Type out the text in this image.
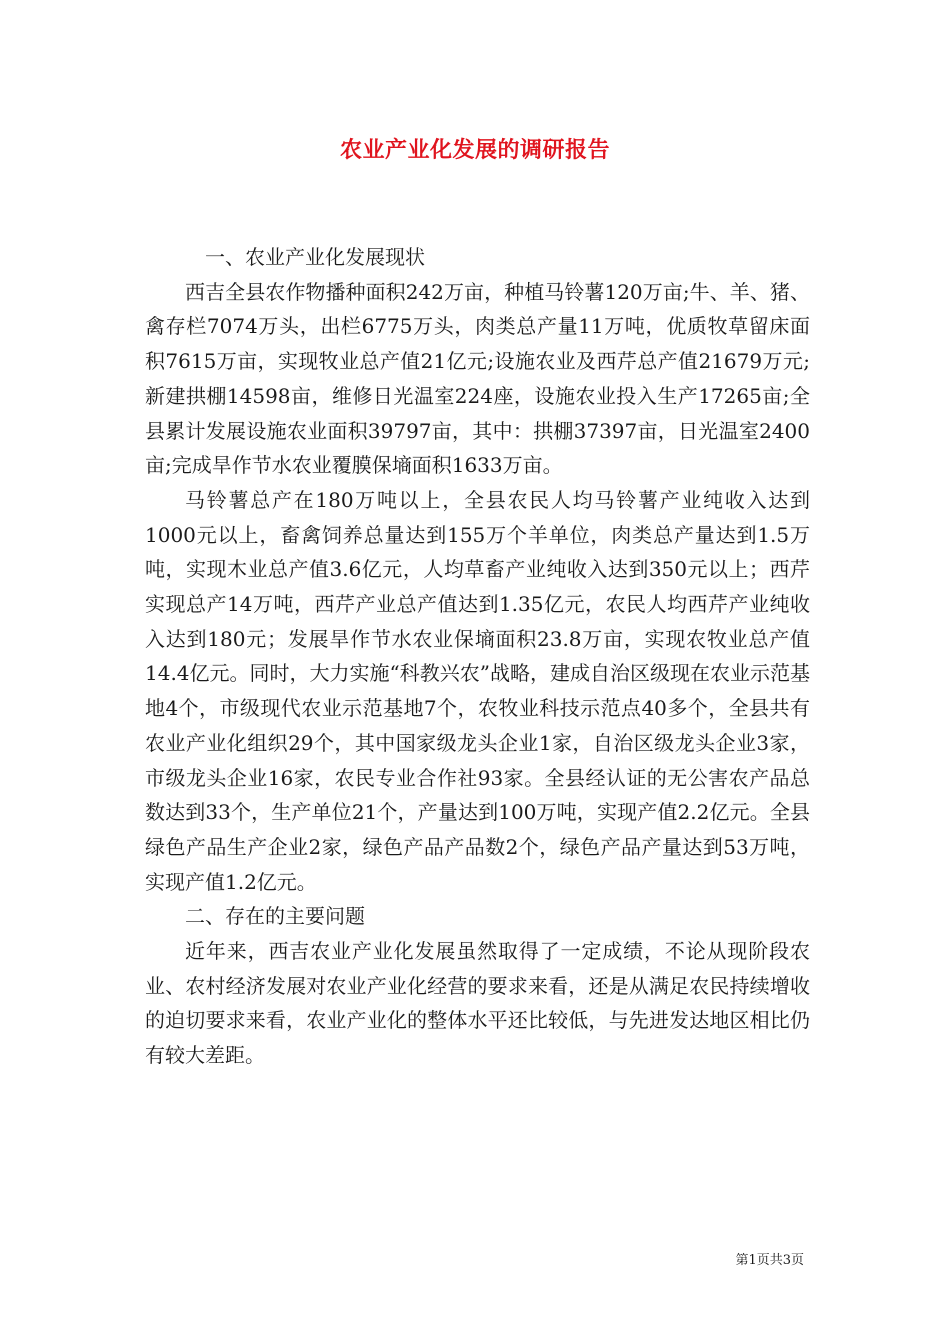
农业产业化发展的调研报告

一、农业产业化发展现状

西吉全县农作物播种面积242万亩，种植马铃薯120万亩;牛、羊、猪、禽存栏7074万头，出栏6775万头，肉类总产量11万吨，优质牧草留床面积7615万亩，实现牧业总产值21亿元;设施农业及西芹总产值21679万元;新建拱棚14598亩，维修日光温室224座，设施农业投入生产17265亩;全县累计发展设施农业面积39797亩，其中：拱棚37397亩，日光温室2400亩;完成旱作节水农业覆膜保墒面积1633万亩。

马铃薯总产在180万吨以上，全县农民人均马铃薯产业纯收入达到1000元以上，畜禽饲养总量达到155万个羊单位，肉类总产量达到1.5万吨，实现木业总产值3.6亿元，人均草畜产业纯收入达到350元以上；西芹实现总产14万吨，西芹产业总产值达到1.35亿元，农民人均西芹产业纯收入达到180元；发展旱作节水农业保墒面积23.8万亩，实现农牧业总产值14.4亿元。同时，大力实施“科教兴农”战略，建成自治区级现在农业示范基地4个，市级现代农业示范基地7个，农牧业科技示范点40多个，全县共有农业产业化组织29个，其中国家级龙头企业1家，自治区级龙头企业3家，市级龙头企业16家，农民专业合作社93家。全县经认证的无公害农产品总数达到33个，生产单位21个，产量达到100万吨，实现产值2.2亿元。全县绿色产品生产企业2家，绿色产品产品数2个，绿色产品产量达到53万吨，实现产值1.2亿元。

二、存在的主要问题

近年来，西吉农业产业化发展虽然取得了一定成绩，不论从现阶段农业、农村经济发展对农业产业化经营的要求来看，还是从满足农民持续增收的迫切要求来看，农业产业化的整体水平还比较低，与先进发达地区相比仍有较大差距。

第1页共3页
